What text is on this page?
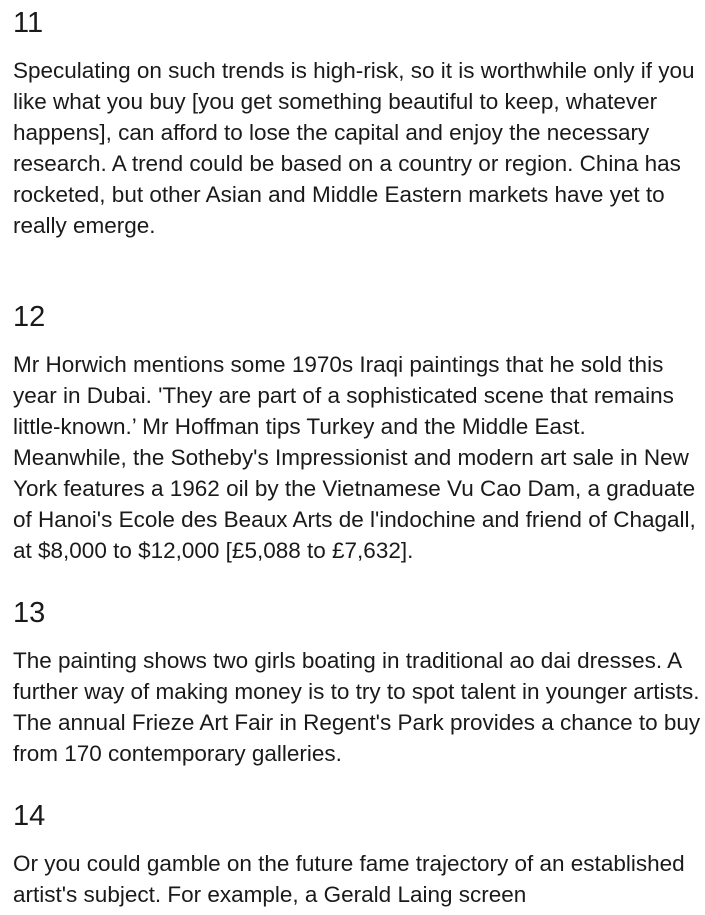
11

Speculating on such trends is high-risk, so it is worthwhile only if you like what you buy [you get something beautiful to keep, whatever happens], can afford to lose the capital and enjoy the necessary research. A trend could be based on a country or region. China has rocketed, but other Asian and Middle Eastern markets have yet to really emerge.

12

Mr Horwich mentions some 1970s Iraqi paintings that he sold this year in Dubai. 'They are part of a sophisticated scene that remains little-known.’ Mr Hoffman tips Turkey and the Middle East. Meanwhile, the Sotheby's Impressionist and modern art sale in New York features a 1962 oil by the Vietnamese Vu Cao Dam, a graduate of Hanoi's Ecole des Beaux Arts de l'indochine and friend of Chagall, at $8,000 to $12,000 [£5,088 to £7,632].

13

The painting shows two girls boating in traditional ao dai dresses. A further way of making money is to try to spot talent in younger artists. The annual Frieze Art Fair in Regent's Park provides a chance to buy from 170 contemporary galleries.

14

Or you could gamble on the future fame trajectory of an established artist's subject. For example, a Gerald Laing screen
